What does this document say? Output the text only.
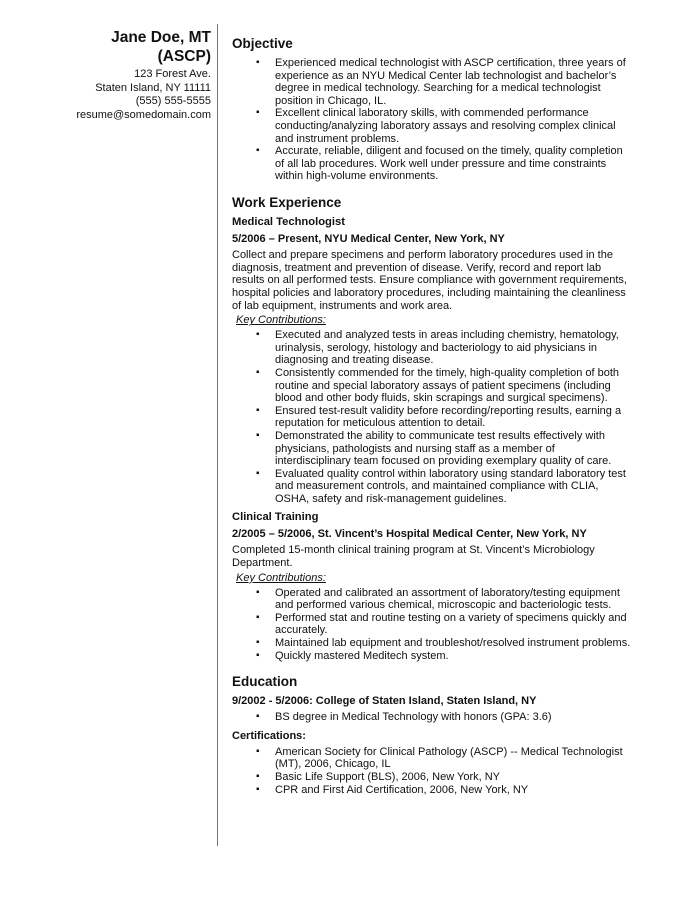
Jane Doe, MT
(ASCP)
123 Forest Ave.
Staten Island, NY 11111
(555) 555-5555
resume@somedomain.com
Objective
▪ Experienced medical technologist with ASCP certification, three years of experience as an NYU Medical Center lab technologist and bachelor’s degree in medical technology. Searching for a medical technologist position in Chicago, IL.
▪ Excellent clinical laboratory skills, with commended performance conducting/analyzing laboratory assays and resolving complex clinical and instrument problems.
▪ Accurate, reliable, diligent and focused on the timely, quality completion of all lab procedures. Work well under pressure and time constraints within high-volume environments.
Work Experience
Medical Technologist
5/2006 – Present, NYU Medical Center, New York, NY

Collect and prepare specimens and perform laboratory procedures used in the diagnosis, treatment and prevention of disease. Verify, record and report lab results on all performed tests. Ensure compliance with government requirements, hospital policies and laboratory procedures, including maintaining the cleanliness of lab equipment, instruments and work area.

Key Contributions:
▪ Executed and analyzed tests in areas including chemistry, hematology, urinalysis, serology, histology and bacteriology to aid physicians in diagnosing and treating disease.
▪ Consistently commended for the timely, high-quality completion of both routine and special laboratory assays of patient specimens (including blood and other body fluids, skin scrapings and surgical specimens).
▪ Ensured test-result validity before recording/reporting results, earning a reputation for meticulous attention to detail.
▪ Demonstrated the ability to communicate test results effectively with physicians, pathologists and nursing staff as a member of interdisciplinary team focused on providing exemplary quality of care.
▪ Evaluated quality control within laboratory using standard laboratory test and measurement controls, and maintained compliance with CLIA, OSHA, safety and risk-management guidelines.
Clinical Training
2/2005 – 5/2006, St. Vincent’s Hospital Medical Center, New York, NY

Completed 15-month clinical training program at St. Vincent’s Microbiology Department.

Key Contributions:
▪ Operated and calibrated an assortment of laboratory/testing equipment and performed various chemical, microscopic and bacteriologic tests.
▪ Performed stat and routine testing on a variety of specimens quickly and accurately.
▪ Maintained lab equipment and troubleshot/resolved instrument problems.
▪ Quickly mastered Meditech system.
Education
9/2002 - 5/2006: College of Staten Island, Staten Island, NY
▪ BS degree in Medical Technology with honors (GPA: 3.6)
Certifications:
▪ American Society for Clinical Pathology (ASCP) -- Medical Technologist (MT), 2006, Chicago, IL
▪ Basic Life Support (BLS), 2006, New York, NY
▪ CPR and First Aid Certification, 2006, New York, NY
